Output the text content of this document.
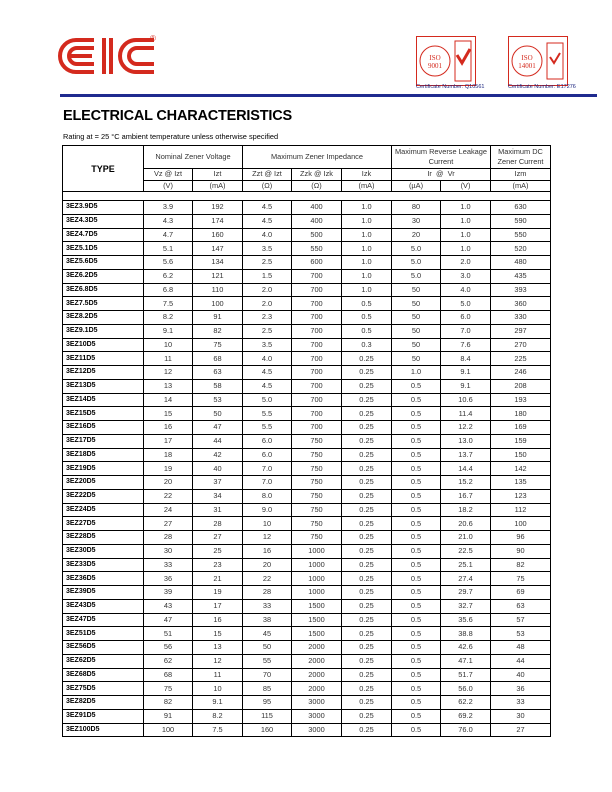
®
ISO
9001
Certificate Number: Q10561
ISO
14001
Certificate Number: E17276
ELECTRICAL CHARACTERISTICS
Rating at = 25 °C ambient temperature unless otherwise specified
TYPE	Nominal Zener Voltage		Maximum Zener Impedance			Maximum Reverse Leakage Current		Maximum DC Zener Current
	Vz @ Izt	Izt	Zzt @ Izt	Zzk @ Izk	Izk	Ir @ Vr		Izm
	(V)	(mA)	(Ω)	(Ω)	(mA)	(µA)	(V)	(mA)

3EZ3.9D5	3.9	192	4.5	400	1.0	80	1.0	630
3EZ4.3D5	4.3	174	4.5	400	1.0	30	1.0	590
3EZ4.7D5	4.7	160	4.0	500	1.0	20	1.0	550
3EZ5.1D5	5.1	147	3.5	550	1.0	5.0	1.0	520
3EZ5.6D5	5.6	134	2.5	600	1.0	5.0	2.0	480
3EZ6.2D5	6.2	121	1.5	700	1.0	5.0	3.0	435
3EZ6.8D5	6.8	110	2.0	700	1.0	50	4.0	393
3EZ7.5D5	7.5	100	2.0	700	0.5	50	5.0	360
3EZ8.2D5	8.2	91	2.3	700	0.5	50	6.0	330
3EZ9.1D5	9.1	82	2.5	700	0.5	50	7.0	297
3EZ10D5	10	75	3.5	700	0.3	50	7.6	270
3EZ11D5	11	68	4.0	700	0.25	50	8.4	225
3EZ12D5	12	63	4.5	700	0.25	1.0	9.1	246
3EZ13D5	13	58	4.5	700	0.25	0.5	9.1	208
3EZ14D5	14	53	5.0	700	0.25	0.5	10.6	193
3EZ15D5	15	50	5.5	700	0.25	0.5	11.4	180
3EZ16D5	16	47	5.5	700	0.25	0.5	12.2	169
3EZ17D5	17	44	6.0	750	0.25	0.5	13.0	159
3EZ18D5	18	42	6.0	750	0.25	0.5	13.7	150
3EZ19D5	19	40	7.0	750	0.25	0.5	14.4	142
3EZ20D5	20	37	7.0	750	0.25	0.5	15.2	135
3EZ22D5	22	34	8.0	750	0.25	0.5	16.7	123
3EZ24D5	24	31	9.0	750	0.25	0.5	18.2	112
3EZ27D5	27	28	10	750	0.25	0.5	20.6	100
3EZ28D5	28	27	12	750	0.25	0.5	21.0	96
3EZ30D5	30	25	16	1000	0.25	0.5	22.5	90
3EZ33D5	33	23	20	1000	0.25	0.5	25.1	82
3EZ36D5	36	21	22	1000	0.25	0.5	27.4	75
3EZ39D5	39	19	28	1000	0.25	0.5	29.7	69
3EZ43D5	43	17	33	1500	0.25	0.5	32.7	63
3EZ47D5	47	16	38	1500	0.25	0.5	35.6	57
3EZ51D5	51	15	45	1500	0.25	0.5	38.8	53
3EZ56D5	56	13	50	2000	0.25	0.5	42.6	48
3EZ62D5	62	12	55	2000	0.25	0.5	47.1	44
3EZ68D5	68	11	70	2000	0.25	0.5	51.7	40
3EZ75D5	75	10	85	2000	0.25	0.5	56.0	36
3EZ82D5	82	9.1	95	3000	0.25	0.5	62.2	33
3EZ91D5	91	8.2	115	3000	0.25	0.5	69.2	30
3EZ100D5	100	7.5	160	3000	0.25	0.5	76.0	27
